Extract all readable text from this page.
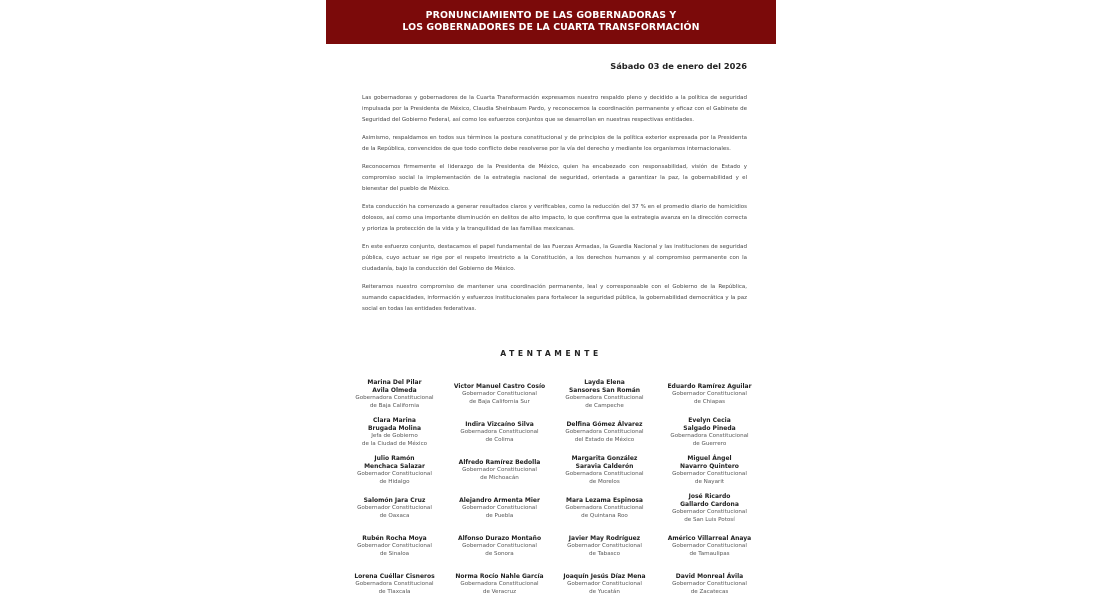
PRONUNCIAMIENTO DE LAS GOBERNADORAS Y
LOS GOBERNADORES DE LA CUARTA TRANSFORMACIÓN
Sábado 03 de enero del 2026

Las gobernadoras y gobernadores de la Cuarta Transformación expresamos nuestro respaldo pleno y decidido a la política de seguridad impulsada por la Presidenta de México, Claudia Sheinbaum Pardo, y reconocemos la coordinación permanente y eficaz con el Gabinete de Seguridad del Gobierno Federal, así como los esfuerzos conjuntos que se desarrollan en nuestras respectivas entidades.

Asimismo, respaldamos en todos sus términos la postura constitucional y de principios de la política exterior expresada por la Presidenta de la República, convencidos de que todo conflicto debe resolverse por la vía del derecho y mediante los organismos internacionales.

Reconocemos firmemente el liderazgo de la Presidenta de México, quien ha encabezado con responsabilidad, visión de Estado y compromiso social la implementación de la estrategia nacional de seguridad, orientada a garantizar la paz, la gobernabilidad y el bienestar del pueblo de México.

Esta conducción ha comenzado a generar resultados claros y verificables, como la reducción del 37 % en el promedio diario de homicidios dolosos, así como una importante disminución en delitos de alto impacto, lo que confirma que la estrategia avanza en la dirección correcta y prioriza la protección de la vida y la tranquilidad de las familias mexicanas.

En este esfuerzo conjunto, destacamos el papel fundamental de las Fuerzas Armadas, la Guardia Nacional y las instituciones de seguridad pública, cuyo actuar se rige por el respeto irrestricto a la Constitución, a los derechos humanos y al compromiso permanente con la ciudadanía, bajo la conducción del Gobierno de México.

Reiteramos nuestro compromiso de mantener una coordinación permanente, leal y corresponsable con el Gobierno de la República, sumando capacidades, información y esfuerzos institucionales para fortalecer la seguridad pública, la gobernabilidad democrática y la paz social en todas las entidades federativas.

ATENTAMENTE
Marina Del Pilar
Avila Olmeda
Gobernadora Constitucional
de Baja California
Victor Manuel Castro Cosío
Gobernador Constitucional
de Baja California Sur
Layda Elena
Sansores San Román
Gobernadora Constitucional
de Campeche
Eduardo Ramírez Aguilar
Gobernador Constitucional
de Chiapas
Clara Marina
Brugada Molina
Jefa de Gobierno
de la Ciudad de México
Indira Vizcaíno Silva
Gobernadora Constitucional
de Colima
Delfina Gómez Álvarez
Gobernadora Constitucional
del Estado de México
Evelyn Cecia
Salgado Pineda
Gobernadora Constitucional
de Guerrero
Julio Ramón
Menchaca Salazar
Gobernador Constitucional
de Hidalgo
Alfredo Ramírez Bedolla
Gobernador Constitucional
de Michoacán
Margarita González
Saravia Calderón
Gobernadora Constitucional
de Morelos
Miguel Ángel
Navarro Quintero
Gobernador Constitucional
de Nayarit
Salomón Jara Cruz
Gobernador Constitucional
de Oaxaca
Alejandro Armenta Mier
Gobernador Constitucional
de Puebla
Mara Lezama Espinosa
Gobernadora Constitucional
de Quintana Roo
José Ricardo
Gallardo Cardona
Gobernador Constitucional
de San Luis Potosí
Rubén Rocha Moya
Gobernador Constitucional
de Sinaloa
Alfonso Durazo Montaño
Gobernador Constitucional
de Sonora
Javier May Rodríguez
Gobernador Constitucional
de Tabasco
Américo Villarreal Anaya
Gobernador Constitucional
de Tamaulipas
Lorena Cuéllar Cisneros
Gobernadora Constitucional
de Tlaxcala
Norma Rocío Nahle García
Gobernadora Constitucional
de Veracruz
Joaquín Jesús Díaz Mena
Gobernador Constitucional
de Yucatán
David Monreal Ávila
Gobernador Constitucional
de Zacatecas
